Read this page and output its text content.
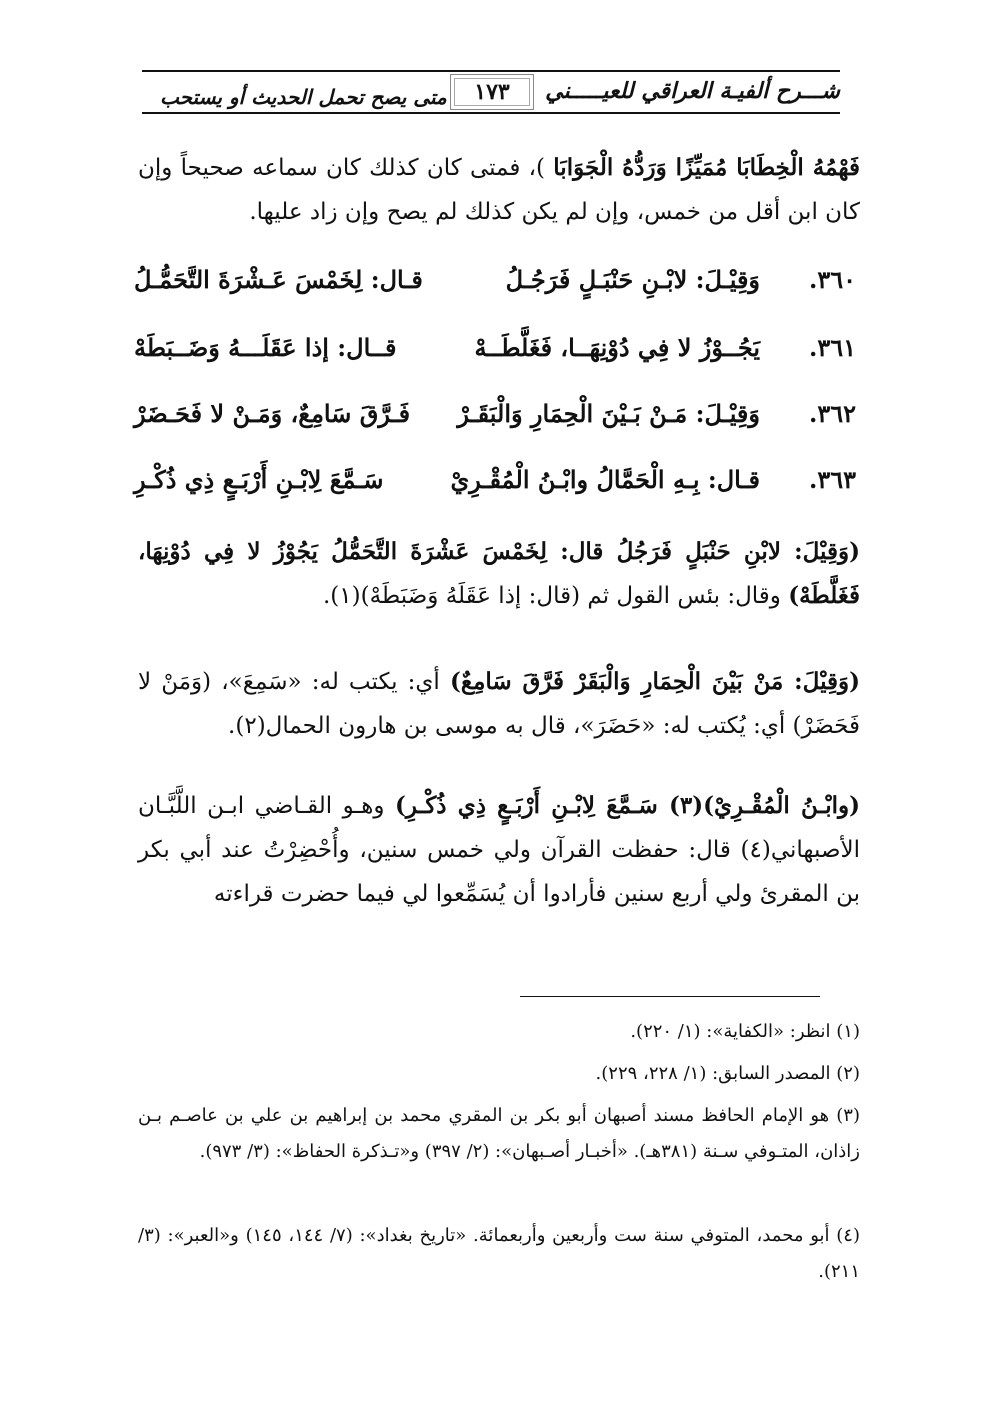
شـــرح ألفيـة العراقي للعيـــــني
١٧٣
متى يصح تحمل الحديث أو يستحب
فَهْمُهُ الْخِطَابَا مُمَيِّزًا وَرَدُّهُ الْجَوَابَا )، فمتى كان كذلك كان سماعه صحيحاً وإن كان ابن أقل من خمس، وإن لم يكن كذلك لم يصح وإن زاد عليها.
٣٦٠.
وَقِيْـلَ: لابْـنِ حَنْبَـلٍ فَرَجُـلُ
قـال: لِخَمْسَ عَـشْرَةَ التَّحَمُّـلُ
٣٦١.
يَجُــوْزُ لا فِي دُوْنِهَــا، فَغَلَّطَــهْ
قــال: إذا عَقَلَـــهُ وَضَــبَطَهْ
٣٦٢.
وَقِيْـلَ: مَـنْ بَـيْنَ الْحِمَارِ وَالْبَقَـرْ
فَـرَّقَ سَامِعٌ، وَمَـنْ لا فَحَـضَرْ
٣٦٣.
قـال: بِـهِ الْحَمَّالُ وابْـنُ الْمُقْـرِيْ
سَـمَّعَ لِابْـنِ أَرْبَـعٍ ذِي ذُكْـرِ
(وَقِيْلَ: لابْنِ حَنْبَلٍ فَرَجُلُ قال: لِخَمْسَ عَشْرَةَ التَّحَمُّلُ يَجُوْزُ لا فِي دُوْنِهَا، فَغَلَّطَهْ) وقال: بئس القول ثم (قال: إذا عَقَلَهُ وَضَبَطَهْ)(١).
(وَقِيْلَ: مَنْ بَيْنَ الْحِمَارِ وَالْبَقَرْ فَرَّقَ سَامِعٌ) أي: يكتب له: «سَمِعَ»، (وَمَنْ لا فَحَضَرْ) أي: يُكتب له: «حَضَرَ»، قال به موسى بن هارون الحمال(٢).
(وابْـنُ الْمُقْـرِيْ)(٣) سَـمَّعَ لِابْـنِ أَرْبَـعٍ ذِي ذُكْـرِ) وهـو القـاضي ابـن اللَّبَّـان الأصبهاني(٤) قال: حفظت القرآن ولي خمس سنين، وأُحْضِرْتُ عند أبي بكر بن المقرئ ولي أربع سنين فأرادوا أن يُسَمِّعوا لي فيما حضرت قراءته
(١) انظر: «الكفاية»: (١/ ٢٢٠).
(٢) المصدر السابق: (١/ ٢٢٨، ٢٢٩).
(٣) هو الإمام الحافظ مسند أصبهان أبو بكر بن المقري محمد بن إبراهيم بن علي بن عاصـم بـن زاذان، المتـوفي سـنة (٣٨١هـ). «أخبـار أصـبهان»: (٢/ ٣٩٧) و«تـذكرة الحفاظ»: (٣/ ٩٧٣).
(٤) أبو محمد، المتوفي سنة ست وأربعين وأربعمائة. «تاريخ بغداد»: (٧/ ١٤٤، ١٤٥) و«العبر»: (٣/ ٢١١).
